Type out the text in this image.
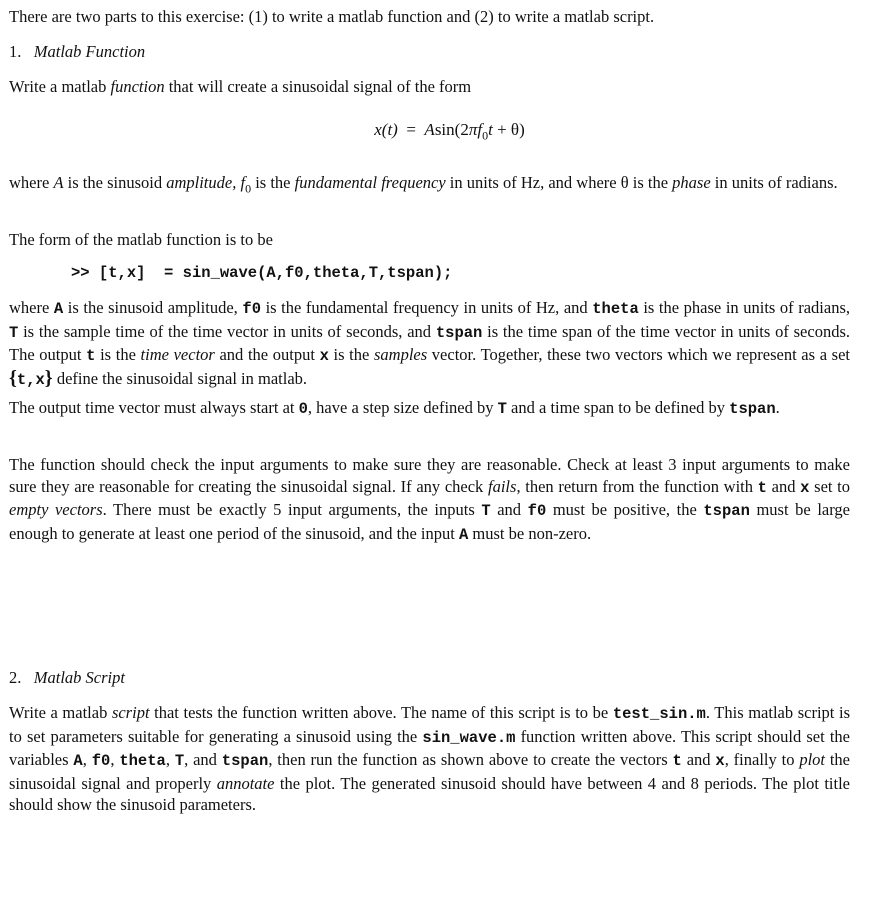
There are two parts to this exercise: (1) to write a matlab function and (2) to write a matlab script.

1. Matlab Function

Write a matlab function that will create a sinusoidal signal of the form

$x(t) = Asin(2\pi f_0t + \theta)$

where A is the sinusoid amplitude, $f_0$ is the fundamental frequency in units of Hz, and where θ is the phase in units of radians.

The form of the matlab function is to be

>> [t,x] = sin_wave(A,f0,theta,T,tspan);

where A is the sinusoid amplitude, f0 is the fundamental frequency in units of Hz, and theta is the phase in units of radians, T is the sample time of the time vector in units of seconds, and tspan is the time span of the time vector in units of seconds. The output t is the time vector and the output x is the samples vector. Together, these two vectors which we represent as a set {t,x} define the sinusoidal signal in matlab.

The output time vector must always start at 0, have a step size defined by T and a time span to be defined by tspan.

The function should check the input arguments to make sure they are reasonable. Check at least 3 input arguments to make sure they are reasonable for creating the sinusoidal signal. If any check fails, then return from the function with t and x set to empty vectors. There must be exactly 5 input arguments, the inputs T and f0 must be positive, the tspan must be large enough to generate at least one period of the sinusoid, and the input A must be non-zero.

2. Matlab Script

Write a matlab script that tests the function written above. The name of this script is to be test_sin.m. This matlab script is to set parameters suitable for generating a sinusoid using the sin_wave.m function written above. This script should set the variables A, f0, theta, T, and tspan, then run the function as shown above to create the vectors t and x, finally to plot the sinusoidal signal and properly annotate the plot. The generated sinusoid should have between 4 and 8 periods. The plot title should show the sinusoid parameters.
